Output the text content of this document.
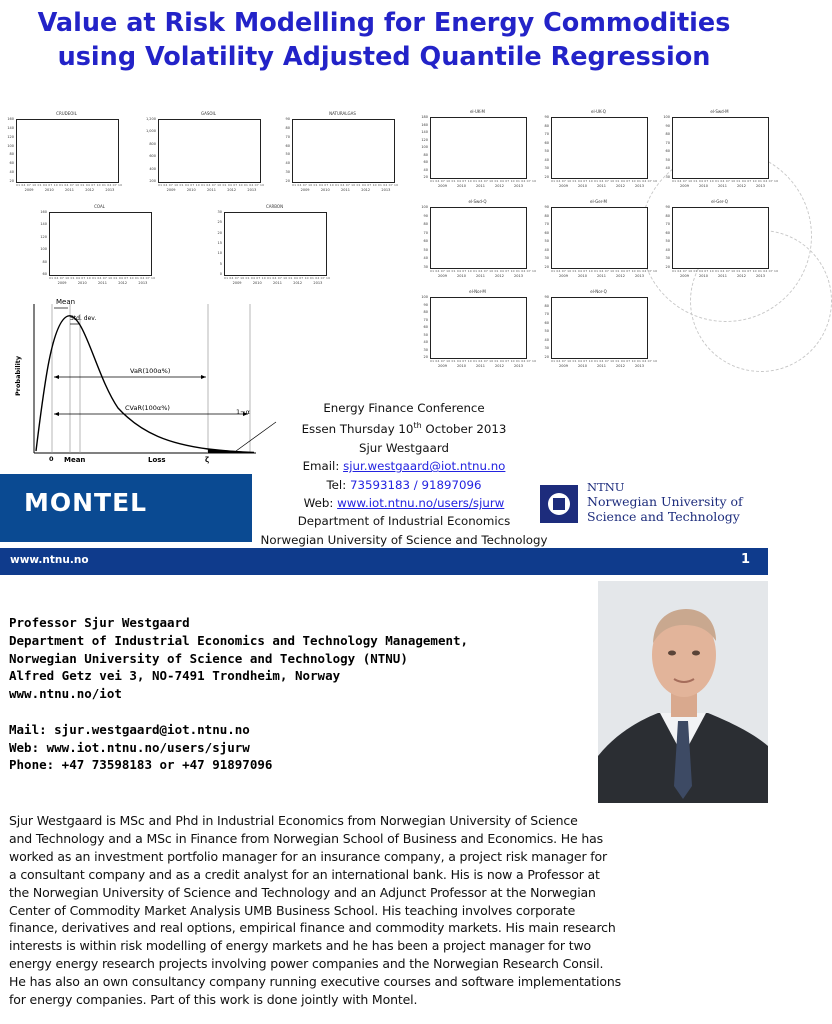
Value at Risk Modelling for Energy Commodities
using Volatility Adjusted Quantile Regression
CRUDEOIL
160
140
120
100
80
60
40
20
01 04 07 10 01 04 07 10 01 04 07 10 01 04 07 10 01 04 07 10
2009	2010	2011	2012	2013
GASOIL
1,200
1,000
800
600
400
200
01 04 07 10 01 04 07 10 01 04 07 10 01 04 07 10 01 04 07 10
2009	2010	2011	2012	2013
NATURALGAS
90
80
70
60
50
40
30
20
01 04 07 10 01 04 07 10 01 04 07 10 01 04 07 10 01 04 07 10
2009	2010	2011	2012	2013
COAL
160
140
120
100
80
60
01 04 07 10 01 04 07 10 01 04 07 10 01 04 07 10 01 04 07 10
2009	2010	2011	2012	2013
CARBON
30
25
20
15
10
5
0
01 04 07 10 01 04 07 10 01 04 07 10 01 04 07 10 01 04 07 10
2009	2010	2011	2012	2013
el-UK-M
180
160
140
120
100
80
60
40
20
01 04 07 10 01 04 07 10 01 04 07 10 01 04 07 10 01 04 07 10
2009	2010	2011	2012	2013
el-UK-Q
90
80
70
60
50
40
30
20
01 04 07 10 01 04 07 10 01 04 07 10 01 04 07 10 01 04 07 10
2009	2010	2011	2012	2013
el-Swd-M
100
90
80
70
60
50
40
30
01 04 07 10 01 04 07 10 01 04 07 10 01 04 07 10 01 04 07 10
2009	2010	2011	2012	2013
el-Swd-Q
100
90
80
70
60
50
40
30
01 04 07 10 01 04 07 10 01 04 07 10 01 04 07 10 01 04 07 10
2009	2010	2011	2012	2013
el-Ger-M
90
80
70
60
50
40
30
20
01 04 07 10 01 04 07 10 01 04 07 10 01 04 07 10 01 04 07 10
2009	2010	2011	2012	2013
el-Ger-Q
90
80
70
60
50
40
30
20
01 04 07 10 01 04 07 10 01 04 07 10 01 04 07 10 01 04 07 10
2009	2010	2011	2012	2013
el-Nor-M
100
90
80
70
60
50
40
30
20
01 04 07 10 01 04 07 10 01 04 07 10 01 04 07 10 01 04 07 10
2009	2010	2011	2012	2013
el-Nor-Q
90
80
70
60
50
40
30
20
01 04 07 10 01 04 07 10 01 04 07 10 01 04 07 10 01 04 07 10
2009	2010	2011	2012	2013
Mean
Std. dev.
VaR(100α%)
CVaR(100α%)	1−α
Probability
0 Mean	Loss	ζ
Energy Finance Conference
Essen Thursday 10th October 2013
Sjur Westgaard
Email: sjur.westgaard@iot.ntnu.no
Tel: 73593183 / 91897096
Web: www.iot.ntnu.no/users/sjurw
Department of Industrial Economics
Norwegian University of Science and Technology
MONTEL
NTNU
Norwegian University of
Science and Technology
www.ntnu.no	1
Professor Sjur Westgaard
Department of Industrial Economics and Technology Management,
Norwegian University of Science and Technology (NTNU)
Alfred Getz vei 3, NO-7491 Trondheim, Norway
www.ntnu.no/iot
Mail: sjur.westgaard@iot.ntnu.no
Web: www.iot.ntnu.no/users/sjurw
Phone: +47 73598183 or +47 91897096

Sjur Westgaard is MSc and Phd in Industrial Economics from Norwegian University of Science

and Technology and a MSc in Finance from Norwegian School of Business and Economics. He has

worked as an investment portfolio manager for an insurance company, a project risk manager for

a consultant company and as a credit analyst for an international bank. His is now a Professor at

the Norwegian University of Science and Technology and an Adjunct Professor at the Norwegian

Center of Commodity Market Analysis UMB Business School. His teaching involves corporate

finance, derivatives and real options, empirical finance and commodity markets. His main research

interests is within risk modelling of energy markets and he has been a project manager for two

energy energy research projects involving power companies and the Norwegian Research Consil.

He has also an own consultancy company running executive courses and software implementations

for energy companies. Part of this work is done jointly with Montel.
